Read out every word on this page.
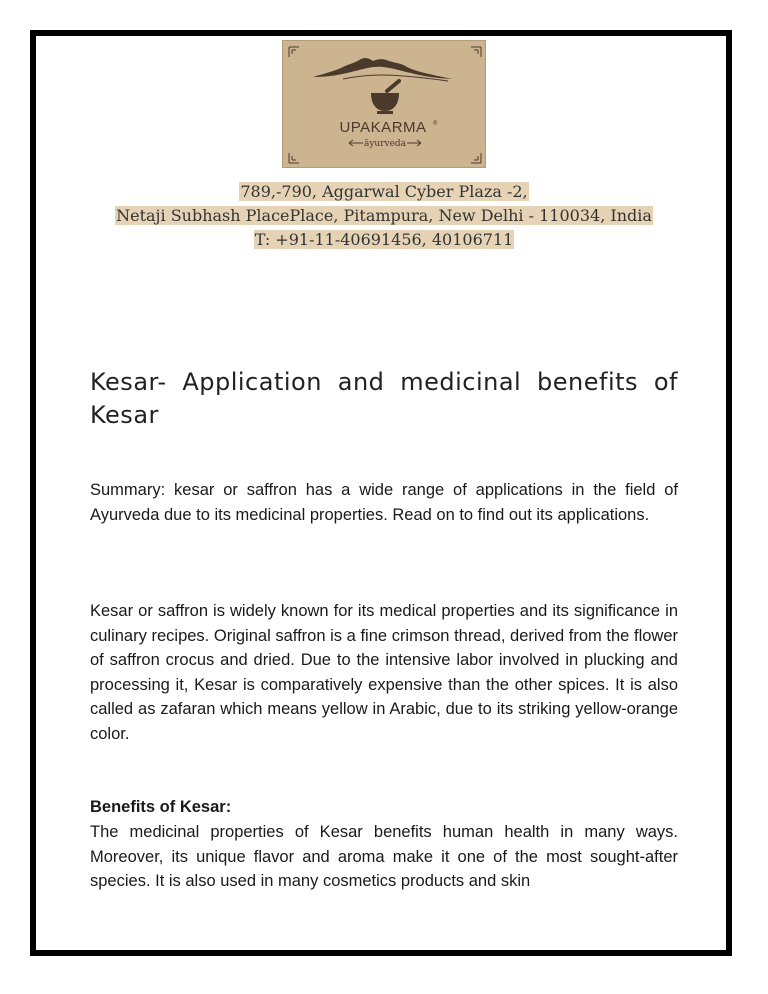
UPAKARMA ®
āyurveda
789,-790, Aggarwal Cyber Plaza -2,
Netaji Subhash PlacePlace, Pitampura, New Delhi - 110034, India
T: +91-11-40691456, 40106711
Kesar- Application and medicinal benefits of Kesar

Summary: kesar or saffron has a wide range of applications in the field of Ayurveda due to its medicinal properties. Read on to find out its applications.

Kesar or saffron is widely known for its medical properties and its significance in culinary recipes. Original saffron is a fine crimson thread, derived from the flower of saffron crocus and dried. Due to the intensive labor involved in plucking and processing it, Kesar is comparatively expensive than the other spices. It is also called as zafaran which means yellow in Arabic, due to its striking yellow-orange color.

Benefits of Kesar:

The medicinal properties of Kesar benefits human health in many ways. Moreover, its unique flavor and aroma make it one of the most sought-after species. It is also used in many cosmetics products and skin
